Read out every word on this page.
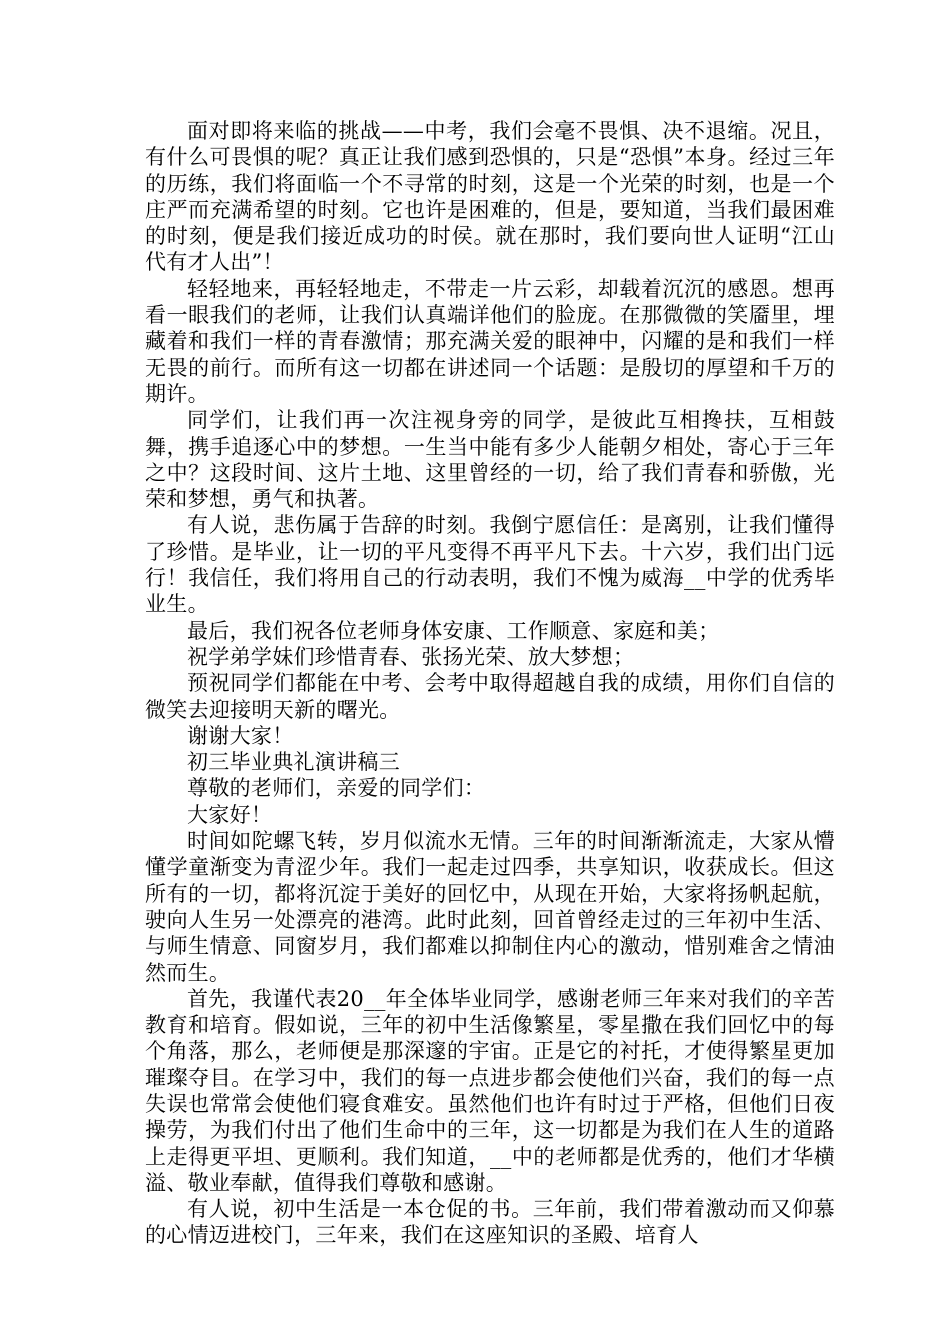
面对即将来临的挑战——中考，我们会毫不畏惧、决不退缩。况且，有什么可畏惧的呢？真正让我们感到恐惧的，只是“恐惧”本身。经过三年的历练，我们将面临一个不寻常的时刻，这是一个光荣的时刻，也是一个庄严而充满希望的时刻。它也许是困难的，但是，要知道，当我们最困难的时刻，便是我们接近成功的时侯。就在那时，我们要向世人证明“江山代有才人出”！

轻轻地来，再轻轻地走，不带走一片云彩，却载着沉沉的感恩。想再看一眼我们的老师，让我们认真端详他们的脸庞。在那微微的笑靥里，埋藏着和我们一样的青春激情；那充满关爱的眼神中，闪耀的是和我们一样无畏的前行。而所有这一切都在讲述同一个话题：是殷切的厚望和千万的期许。

同学们，让我们再一次注视身旁的同学，是彼此互相搀扶，互相鼓舞，携手追逐心中的梦想。一生当中能有多少人能朝夕相处，寄心于三年之中？这段时间、这片土地、这里曾经的一切，给了我们青春和骄傲，光荣和梦想，勇气和执著。

有人说，悲伤属于告辞的时刻。我倒宁愿信任：是离别，让我们懂得了珍惜。是毕业，让一切的平凡变得不再平凡下去。十六岁，我们出门远行！我信任，我们将用自己的行动表明，我们不愧为威海__中学的优秀毕业生。

最后，我们祝各位老师身体安康、工作顺意、家庭和美；

祝学弟学妹们珍惜青春、张扬光荣、放大梦想；

预祝同学们都能在中考、会考中取得超越自我的成绩，用你们自信的微笑去迎接明天新的曙光。

谢谢大家！

初三毕业典礼演讲稿三

尊敬的老师们，亲爱的同学们：

大家好！

时间如陀螺飞转，岁月似流水无情。三年的时间渐渐流走，大家从懵懂学童渐变为青涩少年。我们一起走过四季，共享知识，收获成长。但这所有的一切，都将沉淀于美好的回忆中，从现在开始，大家将扬帆起航，驶向人生另一处漂亮的港湾。此时此刻，回首曾经走过的三年初中生活、与师生情意、同窗岁月，我们都难以抑制住内心的激动，惜别难舍之情油然而生。

首先，我谨代表20__年全体毕业同学，感谢老师三年来对我们的辛苦教育和培育。假如说，三年的初中生活像繁星，零星撒在我们回忆中的每个角落，那么，老师便是那深邃的宇宙。正是它的衬托，才使得繁星更加璀璨夺目。在学习中，我们的每一点进步都会使他们兴奋，我们的每一点失误也常常会使他们寝食难安。虽然他们也许有时过于严格，但他们日夜操劳，为我们付出了他们生命中的三年，这一切都是为我们在人生的道路上走得更平坦、更顺利。我们知道，__中的老师都是优秀的，他们才华横溢、敬业奉献，值得我们尊敬和感谢。

有人说，初中生活是一本仓促的书。三年前，我们带着激动而又仰慕的心情迈进校门，三年来，我们在这座知识的圣殿、培育人
